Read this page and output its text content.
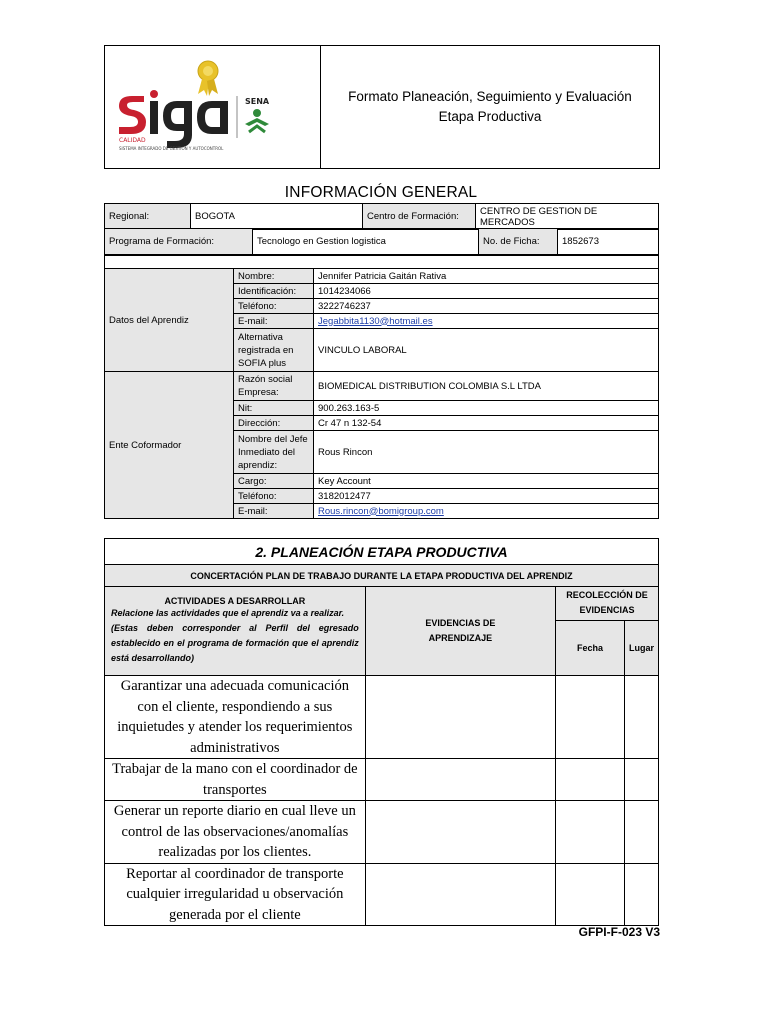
CALIDAD
SISTEMA INTEGRADO DE GESTIÓN Y AUTOCONTROL
SENA	Formato Planeación, Seguimiento y Evaluación Etapa Productiva
INFORMACIÓN GENERAL
Regional:	BOGOTA	Centro de Formación:	CENTRO DE GESTION DE MERCADOS
Programa de Formación:	Tecnologo en Gestion logistica	No. de Ficha:	1852673

Datos del Aprendiz	Nombre:	Jennifer Patricia Gaitán Rativa
	Identificación:	1014234066
	Teléfono:	3222746237
	E-mail:	Jegabbita1130@hotmail.es
	Alternativa registrada en SOFIA plus	VINCULO LABORAL
Ente Coformador	Razón social Empresa:	BIOMEDICAL DISTRIBUTION COLOMBIA S.L LTDA
	Nit:	900.263.163-5
	Dirección:	Cr 47 n 132-54
	Nombre del Jefe Inmediato del aprendiz:	Rous Rincon
	Cargo:	Key Account
	Teléfono:	3182012477
	E-mail:	Rous.rincon@bomigroup.com
2. PLANEACIÓN ETAPA PRODUCTIVA			
CONCERTACIÓN PLAN DE TRABAJO DURANTE LA ETAPA PRODUCTIVA DEL APRENDIZ			

ACTIVIDADES A DESARROLLAR
Relacione las actividades que el aprendiz va a realizar.
(Estas deben corresponder al Perfil del egresado establecido en el programa de formación que el aprendiz está desarrollando)	EVIDENCIAS DE APRENDIZAJE	RECOLECCIÓN DE EVIDENCIAS	
		Fecha	Lugar
Garantizar una adecuada comunicación con el cliente, respondiendo a sus inquietudes y atender los requerimientos administrativos			
Trabajar de la mano con el coordinador de transportes			
Generar un reporte diario en cual lleve un control de las observaciones/anomalías realizadas por los clientes.			
Reportar al coordinador de transporte cualquier irregularidad u observación generada por el cliente			
GFPI-F-023 V3
